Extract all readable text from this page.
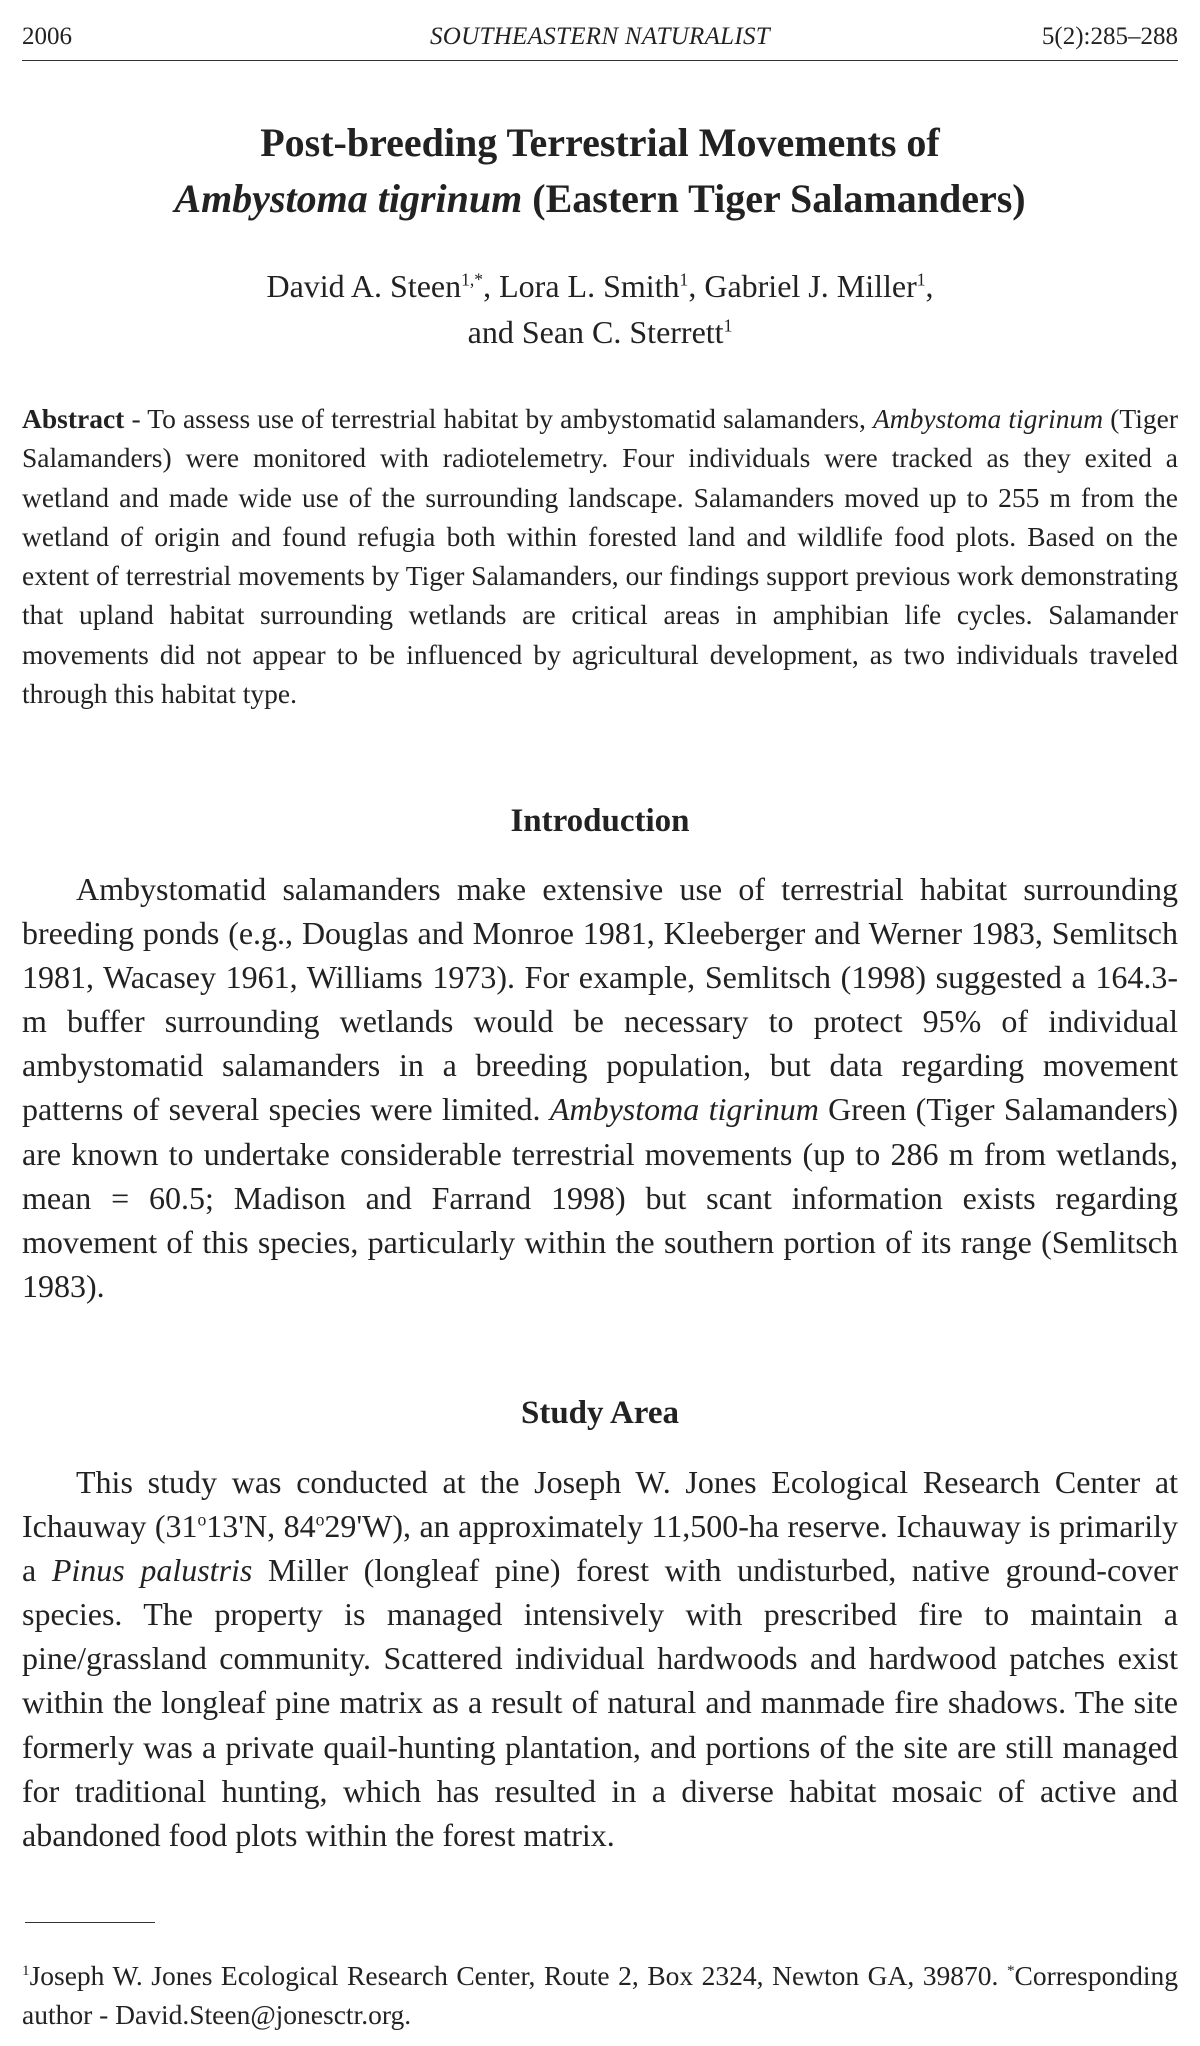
2006	SOUTHEASTERN NATURALIST	5(2):285–288
Post-breeding Terrestrial Movements of
Ambystoma tigrinum (Eastern Tiger Salamanders)
David A. Steen$^{1,*}$, Lora L. Smith$^1$, Gabriel J. Miller$^1$,
and Sean C. Sterrett$^1$
Abstract - To assess use of terrestrial habitat by ambystomatid salamanders, Ambystoma tigrinum (Tiger Salamanders) were monitored with radiotelemetry. Four individuals were tracked as they exited a wetland and made wide use of the surrounding landscape. Salamanders moved up to 255 m from the wetland of origin and found refugia both within forested land and wildlife food plots. Based on the extent of terrestrial movements by Tiger Salamanders, our findings support previous work demonstrating that upland habitat surrounding wetlands are critical areas in amphibian life cycles. Salamander movements did not appear to be influenced by agricultural development, as two individuals traveled through this habitat type.
Introduction
Ambystomatid salamanders make extensive use of terrestrial habitat surrounding breeding ponds (e.g., Douglas and Monroe 1981, Kleeberger and Werner 1983, Semlitsch 1981, Wacasey 1961, Williams 1973). For example, Semlitsch (1998) suggested a 164.3-m buffer surrounding wetlands would be necessary to protect 95% of individual ambystomatid salamanders in a breeding population, but data regarding movement patterns of several species were limited. Ambystoma tigrinum Green (Tiger Salamanders) are known to undertake considerable terrestrial movements (up to 286 m from wetlands, mean = 60.5; Madison and Farrand 1998) but scant information exists regarding movement of this species, particularly within the southern portion of its range (Semlitsch 1983).
Study Area
This study was conducted at the Joseph W. Jones Ecological Research Center at Ichauway (31$^o$13'N, 84$^o$29'W), an approximately 11,500-ha reserve. Ichauway is primarily a Pinus palustris Miller (longleaf pine) forest with undisturbed, native ground-cover species. The property is managed intensively with prescribed fire to maintain a pine/grassland community. Scattered individual hardwoods and hardwood patches exist within the longleaf pine matrix as a result of natural and manmade fire shadows. The site formerly was a private quail-hunting plantation, and portions of the site are still managed for traditional hunting, which has resulted in a diverse habitat mosaic of active and abandoned food plots within the forest matrix.
$^1$Joseph W. Jones Ecological Research Center, Route 2, Box 2324, Newton GA, 39870. *Corresponding author - David.Steen@jonesctr.org.
